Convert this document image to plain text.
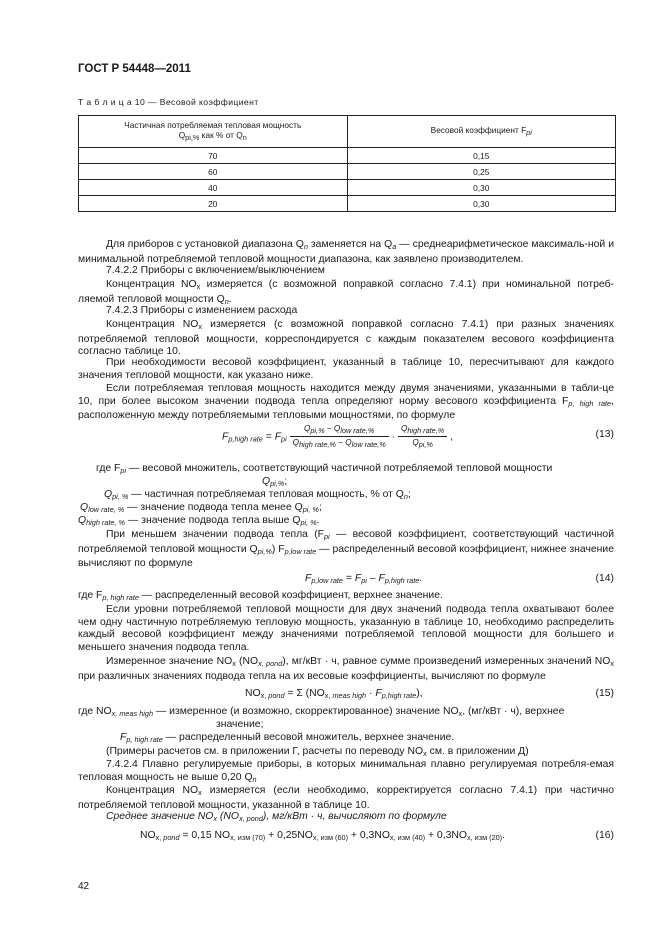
ГОСТ Р 54448—2011
Т а б л и ц а 10 — Весовой коэффициент
Частичная потребляемая тепловая мощность
Qpi,% как % от Qn	Весовой коэффициент Fpi
70	0,15
60	0,25
40	0,30
20	0,30
Для приборов с установкой диапазона $Q_n$ заменяется на $Q_a$ — среднеарифметическое максималь-ной и минимальной потребляемой тепловой мощности диапазона, как заявлено производителем.
7.4.2.2 Приборы с включением/выключением
Концентрация $NO_x$ измеряется (с возможной поправкой согласно 7.4.1) при номинальной потреб-ляемой тепловой мощности $Q_n$.
7.4.2.3 Приборы с изменением расхода
Концентрация $NO_x$ измеряется (с возможной поправкой согласно 7.4.1) при разных значениях потребляемой тепловой мощности, корреспондируется с каждым показателем весового коэффициента согласно таблице 10.
При необходимости весовой коэффициент, указанный в таблице 10, пересчитывают для каждого значения тепловой мощности, как указано ниже.
Если потребляемая тепловая мощность находится между двумя значениями, указанными в табли-це 10, при более высоком значении подвода тепла определяют норму весового коэффициента $F_{p, high rate}$, расположенную между потребляемыми тепловыми мощностями, по формуле
$F_{p,high rate} = F_{pi} \frac{\text{Qpi,\% − Qlow rate,\%}}{\text{Qhigh rate,\% − Qlow rate,\%}} \cdot \frac{\text{Qhigh rate,\%}}{\text{Qpi,\%}}$ ,	(13)
где $F_{pi}$ — весовой множитель, соответствующий частичной потребляемой тепловой мощности
$Q_{pi,\%}$;
$Q_{pi, \%}$ — частичная потребляемая тепловая мощность, % от $Q_n$;
$Q_{low rate, \%}$ — значение подвода тепла менее $Q_{pi, \%}$;
$Q_{high rate, \%}$ — значение подвода тепла выше $Q_{pi, \%}$.
При меньшем значении подвода тепла ($F_{pi}$ — весовой коэффициент, соответствующий частичной потребляемой тепловой мощности $Q_{pi,\%}$) $F_{p,low rate}$ — распределенный весовой коэффициент, нижнее значение вычисляют по формуле
$F_{p,low rate} = F_{pi} - F_{p,high rate}$.	(14)
где $F_{p, high rate}$ — распределенный весовой коэффициент, верхнее значение.
Если уровни потребляемой тепловой мощности для двух значений подвода тепла охватывают более чем одну частичную потребляемую тепловую мощность, указанную в таблице 10, необходимо распределить каждый весовой коэффициент между значениями потребляемой тепловой мощности для большего и меньшего значения подвода тепла.
Измеренное значение $NO_x$ $(NO_{x, pond})$, мг/кВт · ч, равное сумме произведений измеренных значений $NO_x$ при различных значениях подвода тепла на их весовые коэффициенты, вычисляют по формуле
$NO_{x, pond} = \Sigma$ $(NO_{x, meas high} \cdot F_{p,high rate})$,	(15)
где $NO_{x, meas high}$ — измеренное (и возможно, скорректированное) значение $NO_x$, (мг/кВт · ч), верхнее
значение;
$F_{p, high rate}$ — распределенный весовой множитель, верхнее значение.
(Примеры расчетов см. в приложении Г, расчеты по переводу $NO_x$ см. в приложении Д)
7.4.2.4 Плавно регулируемые приборы, в которых минимальная плавно регулируемая потребля-емая тепловая мощность не выше 0,20 $Q_n$
Концентрация $NO_x$ измеряется (если необходимо, корректируется согласно 7.4.1) при частично потребляемой тепловой мощности, указанной в таблице 10.
Среднее значение $NO_x$ $(NO_{x, pond})$, мг/кВт · ч, вычисляют по формуле
$NO_{x, pond} = 0,15$ $NO_{x, изм (70)} + 0,25NO_{x, изм (60)} + 0,3NO_{x, изм (40)} + 0,3NO_{x, изм (20)}$.	(16)
42
